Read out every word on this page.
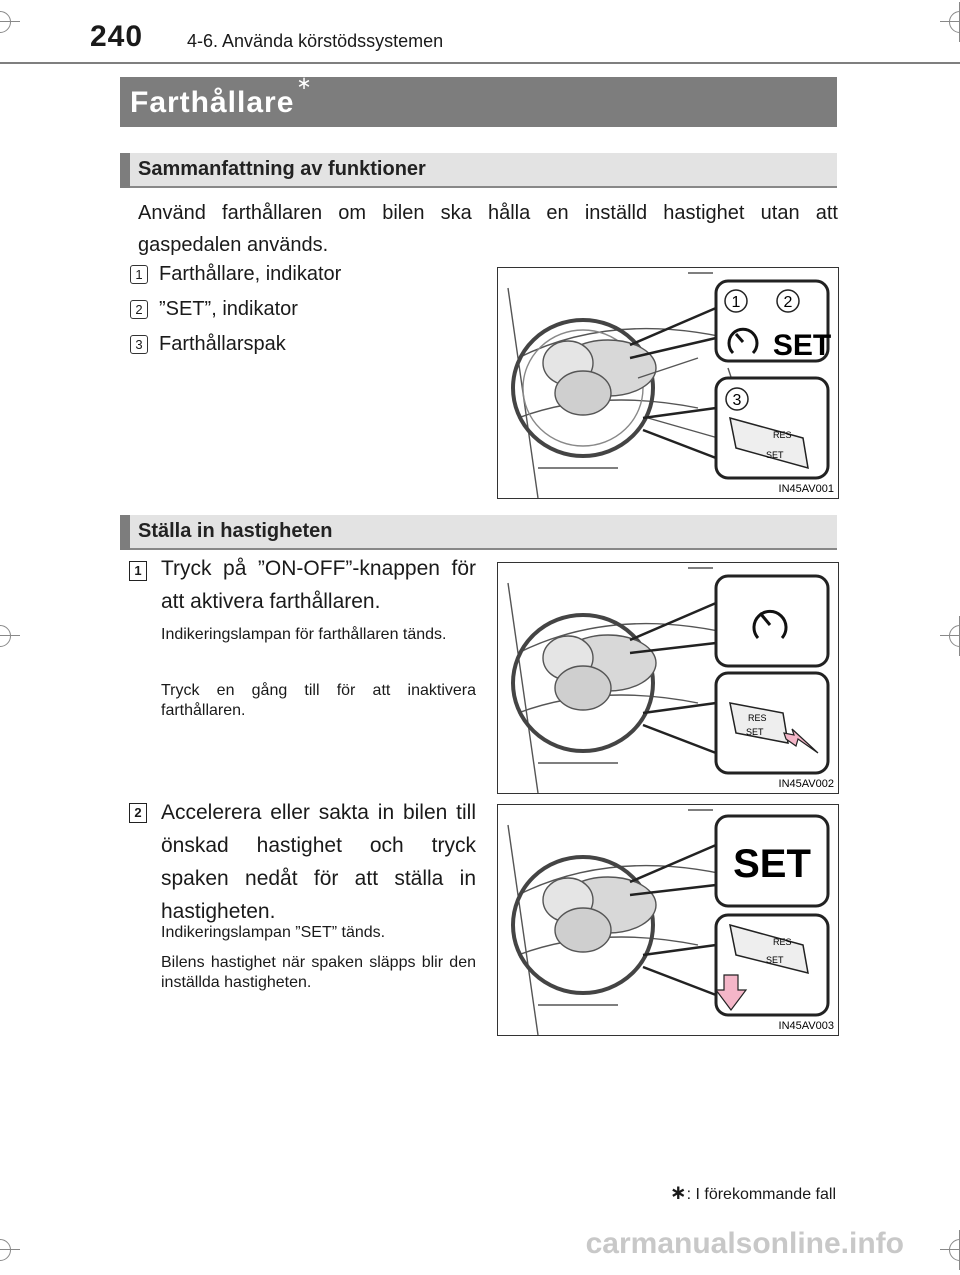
240 4-6. Använda körstödssystemen
Farthållare∗
Sammanfattning av funktioner
Använd farthållaren om bilen ska hålla en inställd hastighet utan att gaspedalen används.
1 Farthållare, indikator
2 ”SET”, indikator
3 Farthållarspak
1	2
3
SET
RES
SET
IN45AV001
Ställa in hastigheten
1 Tryck på ”ON-OFF”-knappen för att aktivera farthållaren.
Indikeringslampan för farthållaren tänds.
Tryck en gång till för att inaktivera farthållaren.	RES
SET
IN45AV002
2 Accelerera eller sakta in bilen till önskad hastighet och tryck spaken nedåt för att ställa in hastigheten.
Indikeringslampan ”SET” tänds.
Bilens hastighet när spaken släpps blir den inställda hastigheten.
SET
RES
SET
IN45AV003
∗: I förekommande fall
carmanualsonline.info
